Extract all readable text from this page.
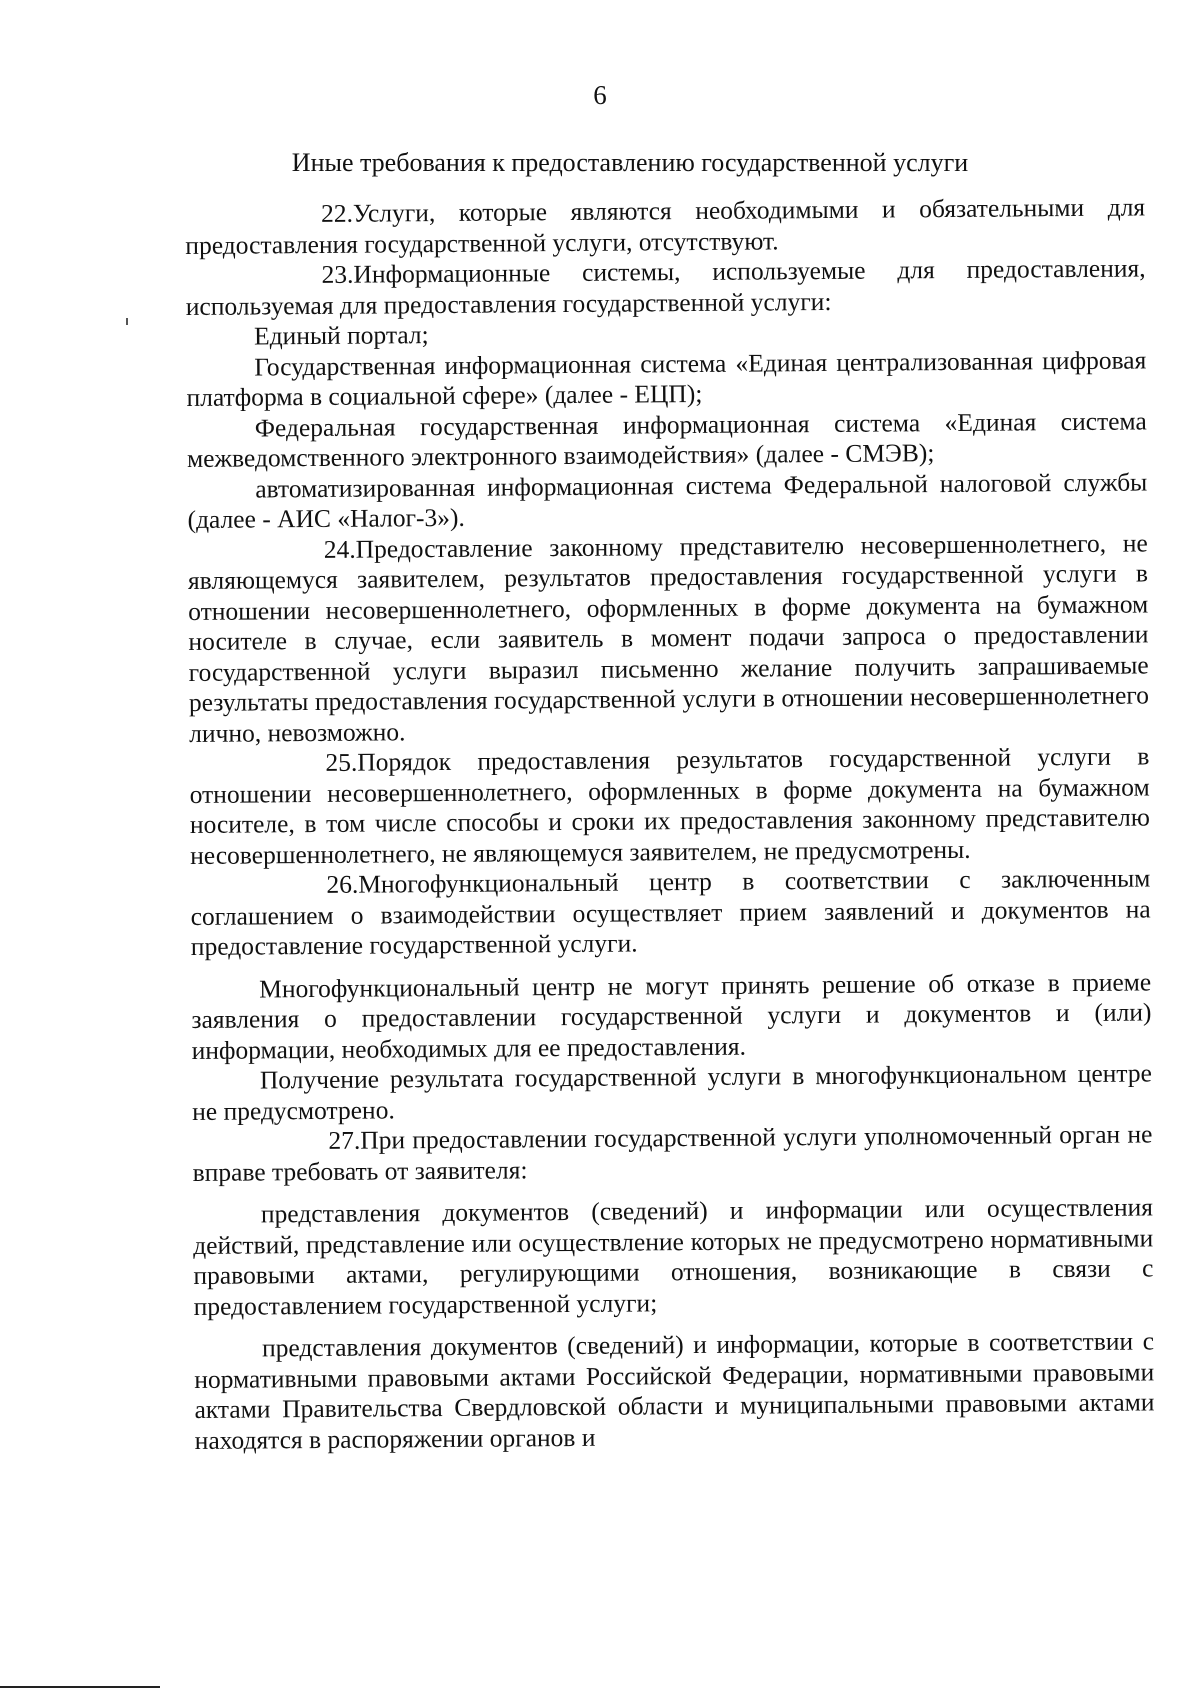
6
Иные требования к предоставлению государственной услуги

22.Услуги, которые являются необходимыми и обязательными для предоставления государственной услуги, отсутствуют.

23.Информационные системы, используемые для предоставления, используемая для предоставления государственной услуги:

Единый портал;

Государственная информационная система «Единая централизованная цифровая платформа в социальной сфере» (далее - ЕЦП);

Федеральная государственная информационная система «Единая система межведомственного электронного взаимодействия» (далее - СМЭВ);

автоматизированная информационная система Федеральной налоговой службы (далее - АИС «Налог-3»).

24.Предоставление законному представителю несовершеннолетнего, не являющемуся заявителем, результатов предоставления государственной услуги в отношении несовершеннолетнего, оформленных в форме документа на бумажном носителе в случае, если заявитель в момент подачи запроса о предоставлении государственной услуги выразил письменно желание получить запрашиваемые результаты предоставления государственной услуги в отношении несовершеннолетнего лично, невозможно.

25.Порядок предоставления результатов государственной услуги в отношении несовершеннолетнего, оформленных в форме документа на бумажном носителе, в том числе способы и сроки их предоставления законному представителю несовершеннолетнего, не являющемуся заявителем, не предусмотрены.

26.Многофункциональный центр в соответствии с заключенным соглашением о взаимодействии осуществляет прием заявлений и документов на предоставление государственной услуги.

Многофункциональный центр не могут принять решение об отказе в приеме заявления о предоставлении государственной услуги и документов и (или) информации, необходимых для ее предоставления.

Получение результата государственной услуги в многофункциональном центре не предусмотрено.

27.При предоставлении государственной услуги уполномоченный орган не вправе требовать от заявителя:

представления документов (сведений) и информации или осуществления действий, представление или осуществление которых не предусмотрено нормативными правовыми актами, регулирующими отношения, возникающие в связи с предоставлением государственной услуги;

представления документов (сведений) и информации, которые в соответствии с нормативными правовыми актами Российской Федерации, нормативными правовыми актами Правительства Свердловской области и муниципальными правовыми актами находятся в распоряжении органов и
